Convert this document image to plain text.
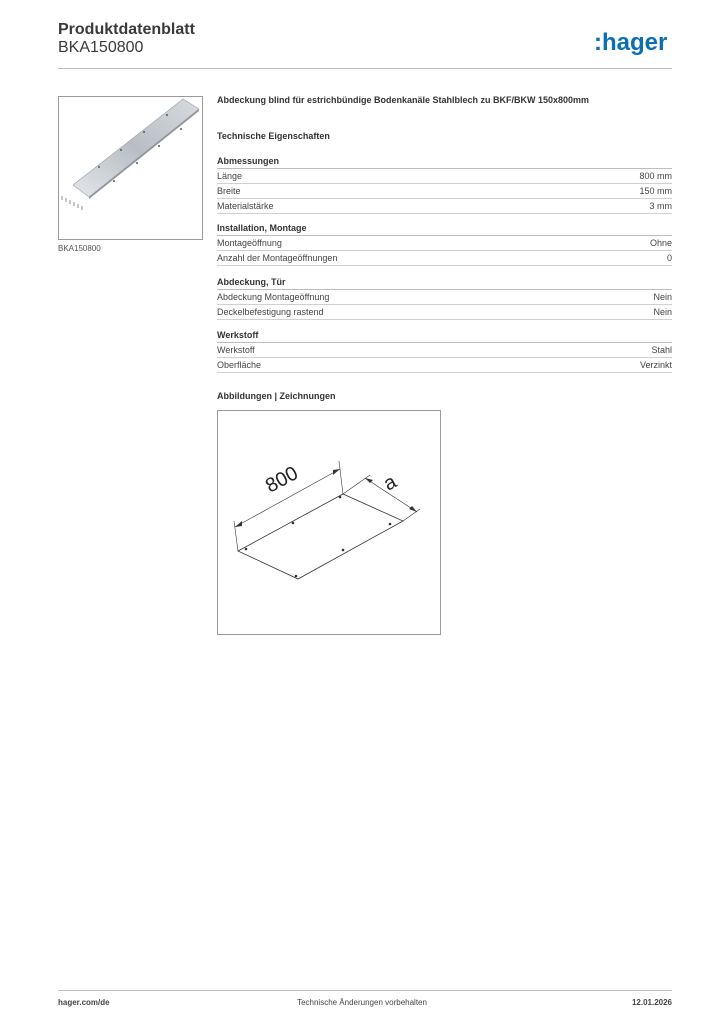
Produktdatenblatt
BKA150800	:hager
BKA150800
Abdeckung blind für estrichbündige Bodenkanäle Stahlblech zu BKF/BKW 150x800mm
Technische Eigenschaften
Abmessungen
Länge	800 mm
Breite	150 mm
Materialstärke	3 mm
Installation, Montage
Montageöffnung	Ohne
Anzahl der Montageöffnungen	0
Abdeckung, Tür
Abdeckung Montageöffnung	Nein
Deckelbefestigung rastend	Nein
Werkstoff
Werkstoff	Stahl
Oberfläche	Verzinkt
Abbildungen | Zeichnungen
800	a
hager.com/de	Technische Änderungen vorbehalten	12.01.2026
